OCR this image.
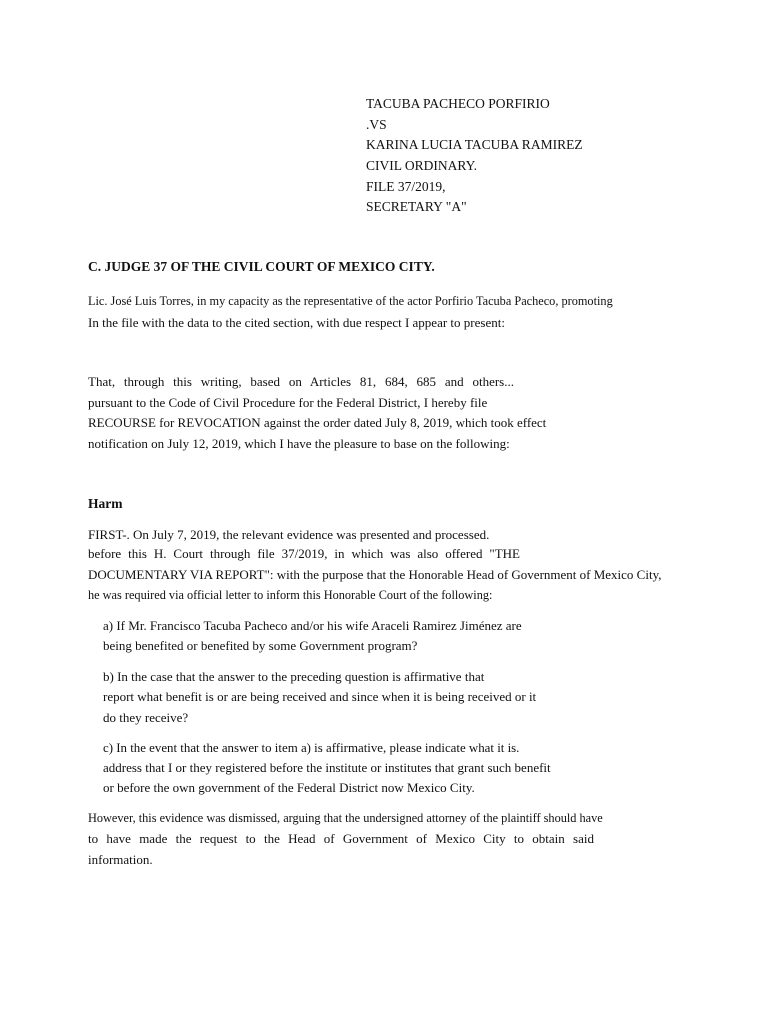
TACUBA PACHECO PORFIRIO
.VS
KARINA LUCIA TACUBA RAMIREZ
CIVIL ORDINARY.
FILE 37/2019,
SECRETARY "A"
C. JUDGE 37 OF THE CIVIL COURT OF MEXICO CITY.
Lic. José Luis Torres, in my capacity as the representative of the actor Porfirio Tacuba Pacheco, promoting
In the file with the data to the cited section, with due respect I appear to present:
That, through this writing, based on Articles 81, 684, 685 and others...
pursuant to the Code of Civil Procedure for the Federal District, I hereby file
RECOURSE for REVOCATION against the order dated July 8, 2019, which took effect
notification on July 12, 2019, which I have the pleasure to base on the following:
Harm
FIRST-. On July 7, 2019, the relevant evidence was presented and processed.
before this H. Court through file 37/2019, in which was also offered "THE
DOCUMENTARY VIA REPORT": with the purpose that the Honorable Head of Government of Mexico City,
he was required via official letter to inform this Honorable Court of the following:
a) If Mr. Francisco Tacuba Pacheco and/or his wife Araceli Ramirez Jiménez are
being benefited or benefited by some Government program?
b) In the case that the answer to the preceding question is affirmative that
report what benefit is or are being received and since when it is being received or it
do they receive?
c) In the event that the answer to item a) is affirmative, please indicate what it is.
address that I or they registered before the institute or institutes that grant such benefit
or before the own government of the Federal District now Mexico City.
However, this evidence was dismissed, arguing that the undersigned attorney of the plaintiff should have
to have made the request to the Head of Government of Mexico City to obtain said
information.
